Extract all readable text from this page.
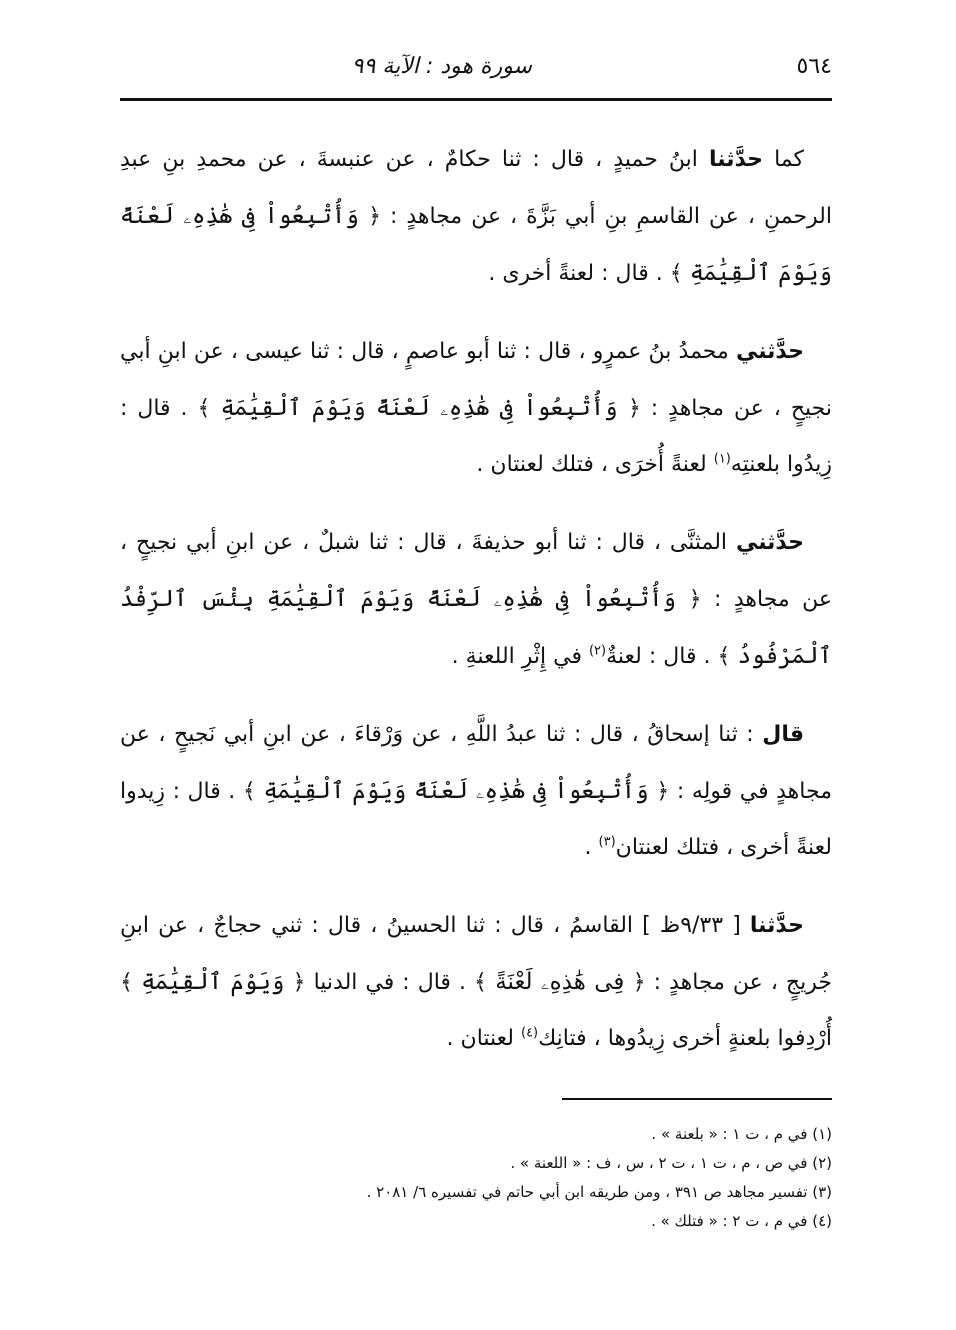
٥٦٤
سورة هود : الآية ٩٩

كما حدَّثنا ابنُ حميدٍ ، قال : ثنا حكامٌ ، عن عنبسةَ ، عن محمدِ بنِ عبدِ الرحمنِ ، عن القاسمِ بنِ أبي بَزَّةَ ، عن مجاهدٍ : ﴿ وَأُتْبِعُواْ فِى هَٰذِهِۦ لَعْنَةً وَيَوْمَ ٱلْقِيَٰمَةِ ﴾ . قال : لعنةً أخرى .

حدَّثني محمدُ بنُ عمرٍو ، قال : ثنا أبو عاصمٍ ، قال : ثنا عيسى ، عن ابنِ أبي نجيحٍ ، عن مجاهدٍ : ﴿ وَأُتْبِعُواْ فِى هَٰذِهِۦ لَعْنَةً وَيَوْمَ ٱلْقِيَٰمَةِ ﴾ . قال : زِيدُوا بلعنتِه$^{(١)}$ لعنةً أُخرَى ، فتلك لعنتان .

حدَّثني المثنَّى ، قال : ثنا أبو حذيفةَ ، قال : ثنا شبلٌ ، عن ابنِ أبي نجيحٍ ، عن مجاهدٍ : ﴿ وَأُتْبِعُواْ فِى هَٰذِهِۦ لَعْنَةً وَيَوْمَ ٱلْقِيَٰمَةِ بِئْسَ ٱلرِّفْدُ ٱلْمَرْفُودُ ﴾ . قال : لعنةٌ$^{(٢)}$ في إِثْرِ اللعنةِ .

قال : ثنا إسحاقُ ، قال : ثنا عبدُ اللَّهِ ، عن وَرْقاءَ ، عن ابنِ أبي نَجيحٍ ، عن مجاهدٍ في قولِه : ﴿ وَأُتْبِعُواْ فِى هَٰذِهِۦ لَعْنَةً وَيَوْمَ ٱلْقِيَٰمَةِ ﴾ . قال : زِيدوا لعنةً أخرى ، فتلك لعنتان$^{(٣)}$ .

حدَّثنا [ ٩/٣٣ظ ] القاسمُ ، قال : ثنا الحسينُ ، قال : ثني حجاجٌ ، عن ابنِ جُريجٍ ، عن مجاهدٍ : ﴿ فِى هَٰذِهِۦ لَعْنَةً ﴾ . قال : في الدنيا ﴿ وَيَوْمَ ٱلْقِيَٰمَةِ ﴾ أُرْدِفوا بلعنةٍ أخرى زِيدُوها ، فتانِك$^{(٤)}$ لعنتان .

(١) في م ، ت ١ : « بلعنة » .

(٢) في ص ، م ، ت ١ ، ت ٢ ، س ، ف : « اللعنة » .

(٣) تفسير مجاهد ص ٣٩١ ، ومن طريقه ابن أبي حاتم في تفسيره ٦/ ٢٠٨١ .

(٤) في م ، ت ٢ : « فتلك » .
